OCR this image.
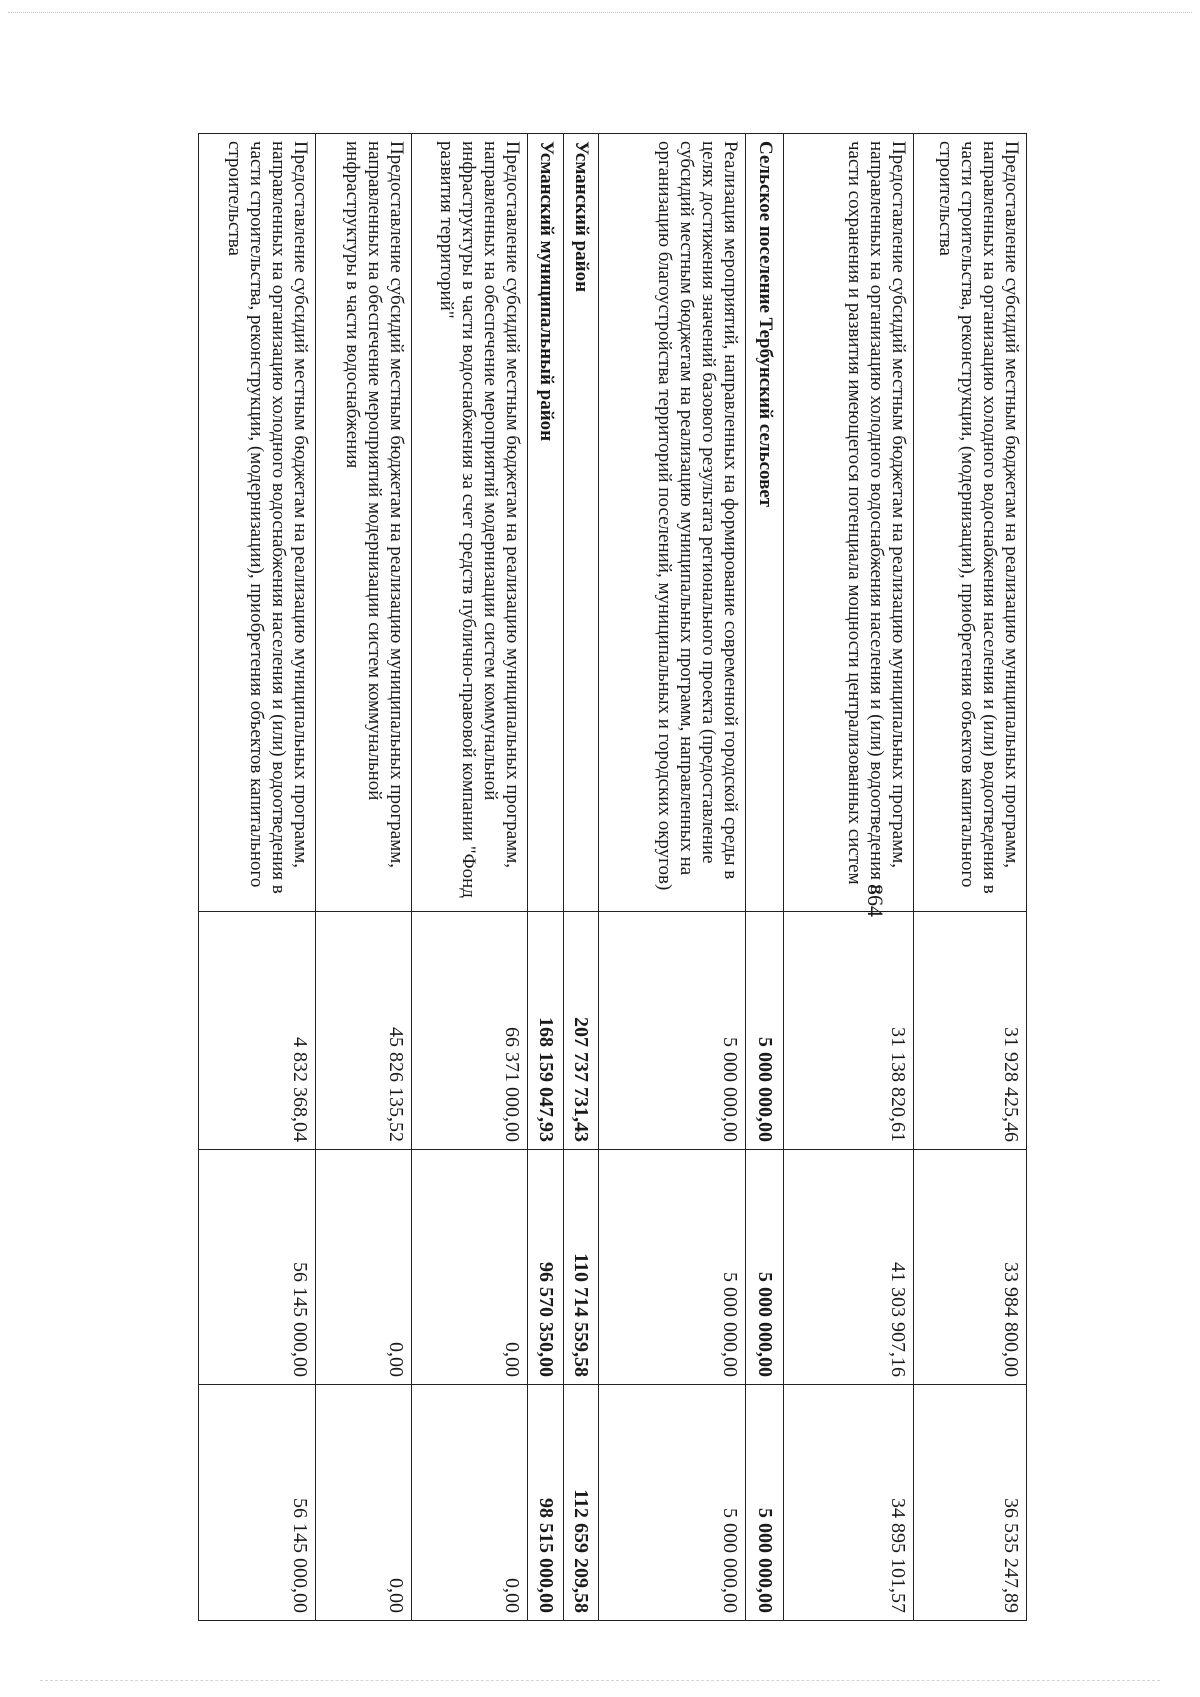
864
Предоставление субсидий местным бюджетам на реализацию муниципальных программ, направленных на организацию холодного водоснабжения населения и (или) водоотведения в части строительства, реконструкции, (модернизации), приобретения объектов капитального строительства	31 928 425,46	33 984 800,00	36 535 247,89
Предоставление субсидий местным бюджетам на реализацию муниципальных программ, направленных на организацию холодного водоснабжения населения и (или) водоотведения в части сохранения и развития имеющегося потенциала мощности централизованных систем	31 138 820,61	41 303 907,16	34 895 101,57
Сельское поселение Тербунский сельсовет	5 000 000,00	5 000 000,00	5 000 000,00
Реализация мероприятий, направленных на формирование современной городской среды в целях достижения значений базового результата регионального проекта (предоставление субсидий местным бюджетам на реализацию муниципальных программ, направленных на организацию благоустройства территорий поселений, муниципальных и городских округов)	5 000 000,00	5 000 000,00	5 000 000,00
Усманский район	207 737 731,43	110 714 559,58	112 659 209,58
Усманский муниципальный район	168 159 047,93	96 570 350,00	98 515 000,00
Предоставление субсидий местным бюджетам на реализацию муниципальных программ, направленных на обеспечение мероприятий модернизации систем коммунальной инфраструктуры в части водоснабжения за счет средств публично-правовой компании "Фонд развития территорий"	66 371 000,00	0,00	0,00
Предоставление субсидий местным бюджетам на реализацию муниципальных программ, направленных на обеспечение мероприятий модернизации систем коммунальной инфраструктуры в части водоснабжения	45 826 135,52	0,00	0,00
Предоставление субсидий местным бюджетам на реализацию муниципальных программ, направленных на организацию холодного водоснабжения населения и (или) водоотведения в части строительства, реконструкции, (модернизации), приобретения объектов капитального строительства	4 832 368,04	56 145 000,00	56 145 000,00
